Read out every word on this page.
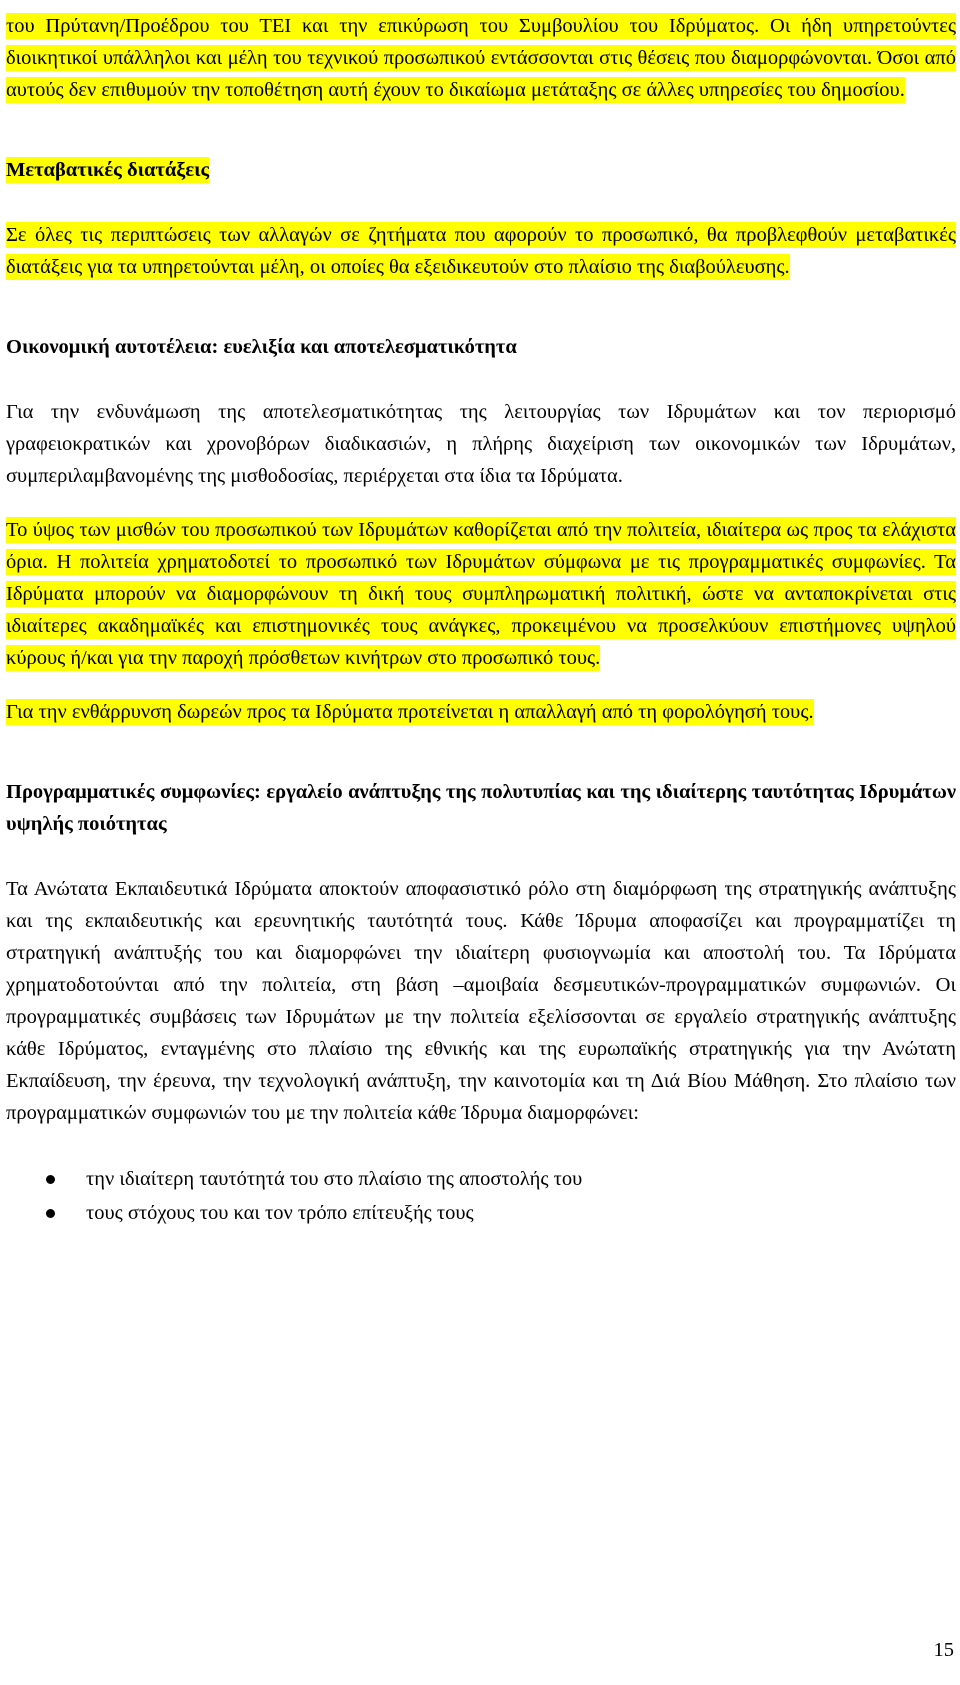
του Πρύτανη/Προέδρου του ΤΕΙ και την επικύρωση του Συμβουλίου του Ιδρύματος. Οι ήδη υπηρετούντες διοικητικοί υπάλληλοι και μέλη του τεχνικού προσωπικού εντάσσονται στις θέσεις που διαμορφώνονται. Όσοι από αυτούς δεν επιθυμούν την τοποθέτηση αυτή έχουν το δικαίωμα μετάταξης σε άλλες υπηρεσίες του δημοσίου.

Μεταβατικές διατάξεις

Σε όλες τις περιπτώσεις των αλλαγών σε ζητήματα που αφορούν το προσωπικό, θα προβλεφθούν μεταβατικές διατάξεις για τα υπηρετούνται μέλη, οι οποίες θα εξειδικευτούν στο πλαίσιο της διαβούλευσης.

Οικονομική αυτοτέλεια: ευελιξία και αποτελεσματικότητα

Για την ενδυνάμωση της αποτελεσματικότητας της λειτουργίας των Ιδρυμάτων και τον περιορισμό γραφειοκρατικών και χρονοβόρων διαδικασιών, η πλήρης διαχείριση των οικονομικών των Ιδρυμάτων, συμπεριλαμβανομένης της μισθοδοσίας, περιέρχεται στα ίδια τα Ιδρύματα.

Το ύψος των μισθών του προσωπικού των Ιδρυμάτων καθορίζεται από την πολιτεία, ιδιαίτερα ως προς τα ελάχιστα όρια. Η πολιτεία χρηματοδοτεί το προσωπικό των Ιδρυμάτων σύμφωνα με τις προγραμματικές συμφωνίες. Τα Ιδρύματα μπορούν να διαμορφώνουν τη δική τους συμπληρωματική πολιτική, ώστε να ανταποκρίνεται στις ιδιαίτερες ακαδημαϊκές και επιστημονικές τους ανάγκες, προκειμένου να προσελκύουν επιστήμονες υψηλού κύρους ή/και για την παροχή πρόσθετων κινήτρων στο προσωπικό τους.

Για την ενθάρρυνση δωρεών προς τα Ιδρύματα προτείνεται η απαλλαγή από τη φορολόγησή τους.

Προγραμματικές συμφωνίες: εργαλείο ανάπτυξης της πολυτυπίας και της ιδιαίτερης ταυτότητας Ιδρυμάτων υψηλής ποιότητας

Τα Ανώτατα Εκπαιδευτικά Ιδρύματα αποκτούν αποφασιστικό ρόλο στη διαμόρφωση της στρατηγικής ανάπτυξης και της εκπαιδευτικής και ερευνητικής ταυτότητά τους. Κάθε Ίδρυμα αποφασίζει και προγραμματίζει τη στρατηγική ανάπτυξής του και διαμορφώνει την ιδιαίτερη φυσιογνωμία και αποστολή του. Τα Ιδρύματα χρηματοδοτούνται από την πολιτεία, στη βάση –αμοιβαία δεσμευτικών-προγραμματικών συμφωνιών. Οι προγραμματικές συμβάσεις των Ιδρυμάτων με την πολιτεία εξελίσσονται σε εργαλείο στρατηγικής ανάπτυξης κάθε Ιδρύματος, ενταγμένης στο πλαίσιο της εθνικής και της ευρωπαϊκής στρατηγικής για την Ανώτατη Εκπαίδευση, την έρευνα, την τεχνολογική ανάπτυξη, την καινοτομία και τη Διά Βίου Μάθηση. Στο πλαίσιο των προγραμματικών συμφωνιών του με την πολιτεία κάθε Ίδρυμα διαμορφώνει:

την ιδιαίτερη ταυτότητά του στο πλαίσιο της αποστολής του
τους στόχους του και τον τρόπο επίτευξής τους
15
